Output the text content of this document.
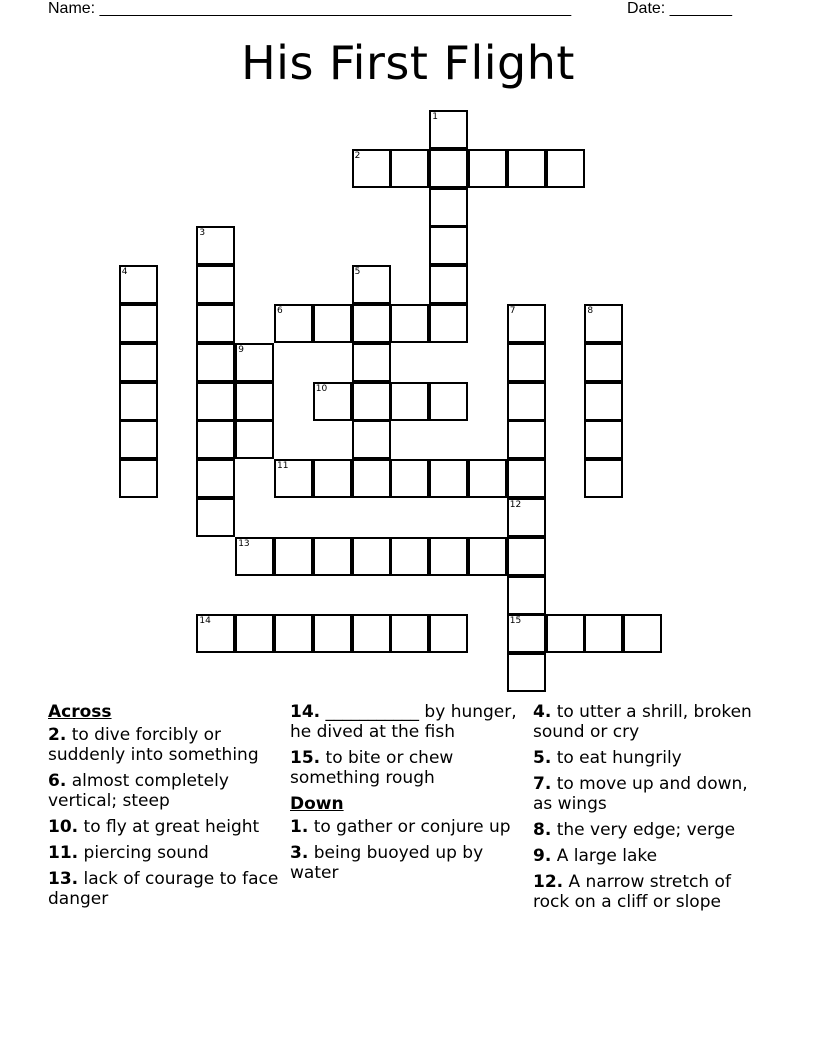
Name: _____________________________________________________	Date: _______
His First Flight
1
2
3
4	5
6	7	8
9
10
11
12
13
14	15
Across
2. to dive forcibly or suddenly into something
6. almost completely vertical; steep
10. to fly at great height
11. piercing sound
13. lack of courage to face danger
14. ___________ by hunger, he dived at the fish
15. to bite or chew something rough
Down
1. to gather or conjure up
3. being buoyed up by water
4. to utter a shrill, broken sound or cry
5. to eat hungrily
7. to move up and down, as wings
8. the very edge; verge
9. A large lake
12. A narrow stretch of rock on a cliff or slope
